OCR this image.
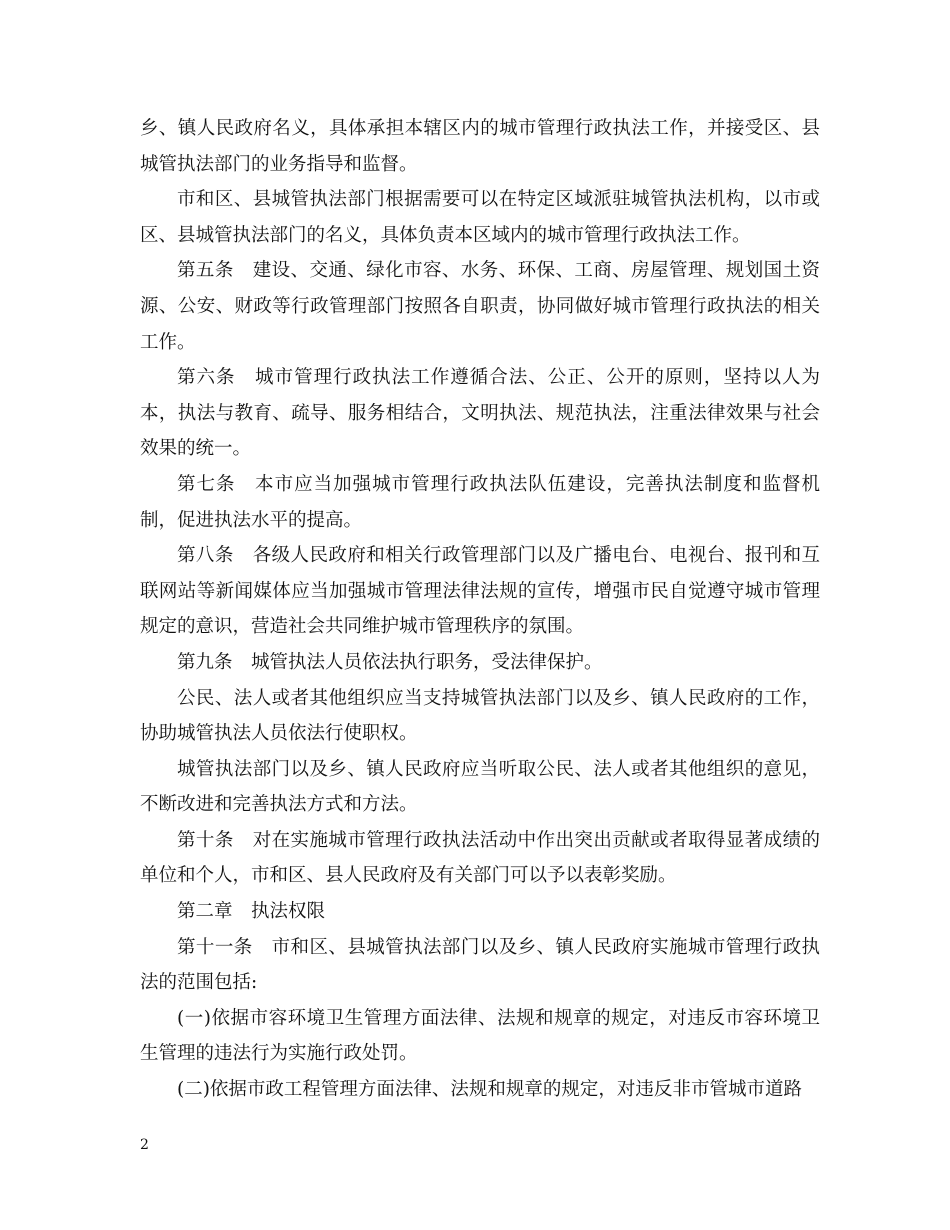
乡、镇人民政府名义，具体承担本辖区内的城市管理行政执法工作，并接受区、县城管执法部门的业务指导和监督。

市和区、县城管执法部门根据需要可以在特定区域派驻城管执法机构，以市或区、县城管执法部门的名义，具体负责本区域内的城市管理行政执法工作。

第五条　建设、交通、绿化市容、水务、环保、工商、房屋管理、规划国土资源、公安、财政等行政管理部门按照各自职责，协同做好城市管理行政执法的相关工作。

第六条　城市管理行政执法工作遵循合法、公正、公开的原则，坚持以人为本，执法与教育、疏导、服务相结合，文明执法、规范执法，注重法律效果与社会效果的统一。

第七条　本市应当加强城市管理行政执法队伍建设，完善执法制度和监督机制，促进执法水平的提高。

第八条　各级人民政府和相关行政管理部门以及广播电台、电视台、报刊和互联网站等新闻媒体应当加强城市管理法律法规的宣传，增强市民自觉遵守城市管理规定的意识，营造社会共同维护城市管理秩序的氛围。

第九条　城管执法人员依法执行职务，受法律保护。

公民、法人或者其他组织应当支持城管执法部门以及乡、镇人民政府的工作，协助城管执法人员依法行使职权。

城管执法部门以及乡、镇人民政府应当听取公民、法人或者其他组织的意见，不断改进和完善执法方式和方法。

第十条　对在实施城市管理行政执法活动中作出突出贡献或者取得显著成绩的单位和个人，市和区、县人民政府及有关部门可以予以表彰奖励。

第二章　执法权限

第十一条　市和区、县城管执法部门以及乡、镇人民政府实施城市管理行政执法的范围包括:

(一)依据市容环境卫生管理方面法律、法规和规章的规定，对违反市容环境卫生管理的违法行为实施行政处罚。

(二)依据市政工程管理方面法律、法规和规章的规定，对违反非市管城市道路

2
